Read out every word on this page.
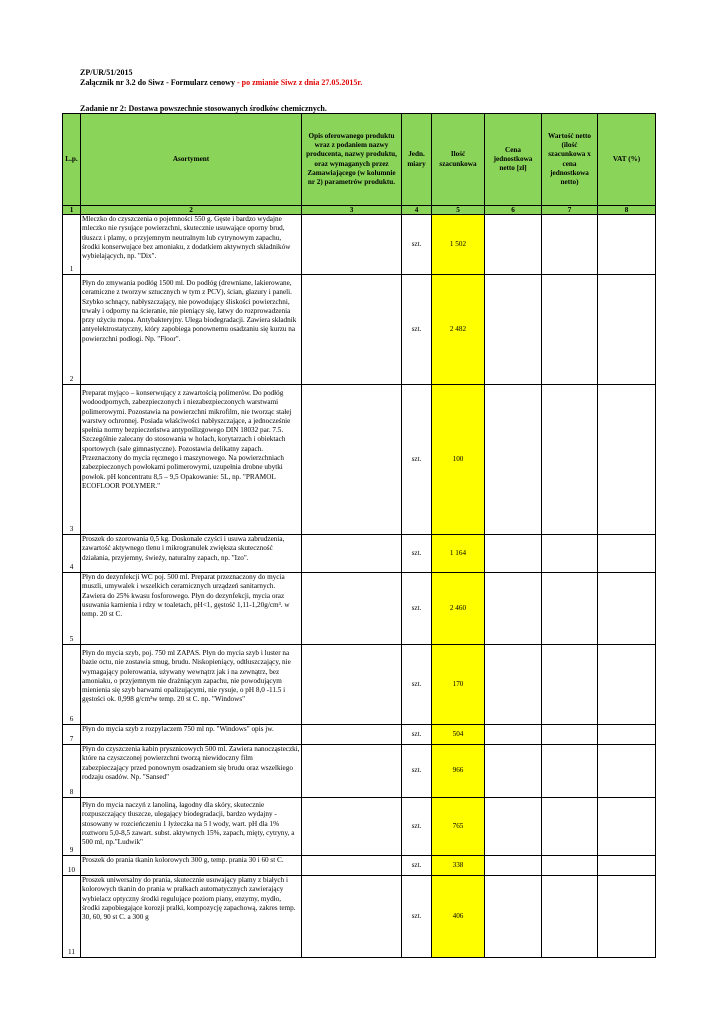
ZP/UR/51/2015
Załącznik nr 3.2 do Siwz - Formularz cenowy - po zmianie Siwz z dnia 27.05.2015r.
Zadanie nr 2: Dostawa powszechnie stosowanych środków chemicznych.
L.p.	Asortyment	Opis oferowanego produktu wraz z podaniem nazwy producenta, nazwy produktu, oraz wymaganych przez Zamawiającego (w kolumnie nr 2) parametrów produktu.	Jedn. miary	Ilość szacunkowa	Cena jednostkowa netto [zł]	Wartość netto (ilość szacunkowa x cena jednostkowa netto)	VAT (%)
1	2	3	4	5	6	7	8
1	Mleczko do czyszczenia o pojemności 550 g. Gęste i bardzo wydajne mleczko nie rysujące powierzchni, skutecznie usuwające oporny brud, tłuszcz i plamy, o przyjemnym neutralnym lub cytrynowym zapachu, środki konserwujące bez amoniaku, z dodatkiem aktywnych składników wybielających, np. "Dix".		szt.	1 502			
2	Płyn do zmywania podłóg 1500 ml. Do podłóg (drewniane, lakierowane, ceramiczne z tworzyw sztucznych w tym z PCV), ścian, glazury i paneli. Szybko schnący, nabłyszczający, nie powodujący śliskości powierzchni, trwały i odporny na ścieranie, nie pieniący się, łatwy do rozprowadzenia przy użyciu mopa. Antybakteryjny. Ulega biodegradacji. Zawiera składnik antyelektrostatyczny, który zapobiega ponownemu osadzaniu się kurzu na powierzchni podłogi. Np. "Floor".		szt.	2 482			
3	Preparat myjąco – konserwujący z zawartością polimerów. Do podłóg wodoodpornych, zabezpieczonych i niezabezpieczonych warstwami polimerowymi. Pozostawia na powierzchni mikrofilm, nie tworząc stałej warstwy ochronnej. Posiada właściwości nabłyszczające, a jednocześnie spełnia normy bezpieczeństwa antypoślizgowego DIN 18032 par. 7.5. Szczególnie zalecany do stosowania w holach, korytarzach i obiektach sportowych (sale gimnastyczne). Pozostawia delikatny zapach. Przeznaczony do mycia ręcznego i maszynowego. Na powierzchniach zabezpieczonych powłokami polimerowymi, uzupełnia drobne ubytki powłok. pH koncentratu 8,5 – 9,5 Opakowanie: 5L, np. "PRAMOL ECOFLOOR POLYMER."		szt.	100			
4	Proszek do szorowania 0,5 kg. Doskonale czyści i usuwa zabrudzenia, zawartość aktywnego tlenu i mikrogranulek zwiększa skuteczność działania, przyjemny, świeży, naturalny zapach, np. "Izo".		szt.	1 164			
5	Płyn do dezynfekcji WC poj. 500 ml. Preparat przeznaczony do mycia muszli, umywalek i wszelkich ceramicznych urządzeń sanitarnych. Zawiera do 25% kwasu fosforowego. Płyn do dezynfekcji, mycia oraz usuwania kamienia i rdzy w toaletach, pH<1, gęstość 1,11-1,20g/cm³. w temp. 20 st C.		szt.	2 460			
6	Płyn do mycia szyb, poj. 750 ml ZAPAS. Płyn do mycia szyb i luster na bazie octu, nie zostawia smug, brudu. Niskopieniący, odtłuszczający, nie wymagający polerowania, używany wewnątrz jak i na zewnątrz, bez amoniaku, o przyjemnym nie drażniącym zapachu, nie powodującym mienienia się szyb barwami opalizującymi, nie rysuje, o pH 8,0 -11.5 i gęstości ok. 0,998 g/cm³w temp. 20 st C. np. "Windows"		szt.	170			
7	Płyn do mycia szyb z rozpylaczem 750 ml np. "Windows" opis jw.		szt.	504			
8	Płyn do czyszczenia kabin prysznicowych 500 ml. Zawiera nanocząsteczki, które na czyszczonej powierzchni tworzą niewidoczny film zabezpieczający przed ponownym osadzaniem się brudu oraz wszelkiego rodzaju osadów. Np. "Sansed"		szt.	966			
9	Płyn do mycia naczyń z lanoliną, łagodny dla skóry, skutecznie rozpuszczający tłuszcze, ulegający biodegradacji, bardzo wydajny - stosowany w rozcieńczeniu 1 łyżeczka na 5 l wody, wart. pH dla 1% roztworu 5,0-8,5 zawart. subst. aktywnych 15%, zapach, mięty, cytryny, a 500 ml, np."Ludwik"		szt.	765			
10	Proszek do prania tkanin kolorowych 300 g, temp. prania 30 i 60 st C.		szt.	338			
11	Proszek uniwersalny do prania, skutecznie usuwający plamy z białych i kolorowych tkanin do prania w pralkach automatycznych zawierający wybielacz optyczny środki regulujące poziom piany, enzymy, mydło, środki zapobiegające korozji pralki, kompozycję zapachową, zakres temp. 30, 60, 90 st C. a 300 g		szt.	406			
